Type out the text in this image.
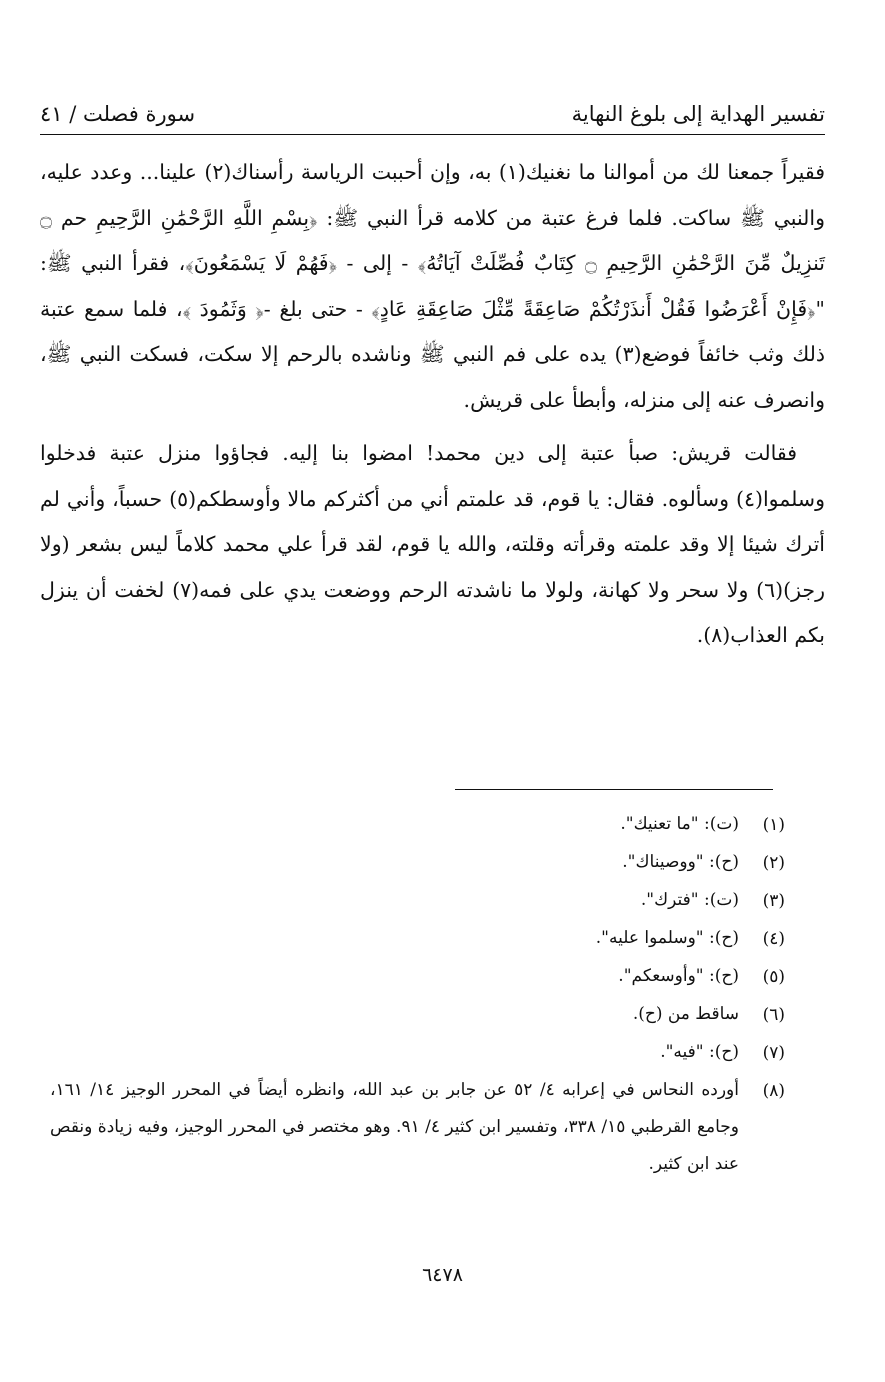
تفسير الهداية إلى بلوغ النهاية
سورة فصلت / ٤١

فقيراً جمعنا لك من أموالنا ما نغنيك(١) به، وإن أحببت الرياسة رأسناك(٢) علينا... وعدد عليه، والنبي ﷺ ساكت. فلما فرغ عتبة من كلامه قرأ النبي ﷺ: ﴿بِسْمِ اللَّهِ الرَّحْمَٰنِ الرَّحِيمِ حم ۝ تَنزِيلٌ مِّنَ الرَّحْمَٰنِ الرَّحِيمِ ۝ كِتَابٌ فُصِّلَتْ آيَاتُهُ﴾ - إلى - ﴿فَهُمْ لَا يَسْمَعُونَ﴾، فقرأ النبي ﷺ: "﴿فَإِنْ أَعْرَضُوا فَقُلْ أَنذَرْتُكُمْ صَاعِقَةً مِّثْلَ صَاعِقَةِ عَادٍ﴾ - حتى بلغ -﴿ وَثَمُودَ ﴾، فلما سمع عتبة ذلك وثب خائفاً فوضع(٣) يده على فم النبي ﷺ وناشده بالرحم إلا سكت، فسكت النبي ﷺ، وانصرف عنه إلى منزله، وأبطأ على قريش.

فقالت قريش: صبأ عتبة إلى دين محمد! امضوا بنا إليه. فجاؤوا منزل عتبة فدخلوا وسلموا(٤) وسألوه. فقال: يا قوم، قد علمتم أني من أكثركم مالا وأوسطكم(٥) حسباً، وأني لم أترك شيئا إلا وقد علمته وقرأته وقلته، والله يا قوم، لقد قرأ علي محمد كلاماً ليس بشعر (ولا رجز)(٦) ولا سحر ولا كهانة، ولولا ما ناشدته الرحم ووضعت يدي على فمه(٧) لخفت أن ينزل بكم العذاب(٨).

(١)
(ت): "ما تعنيك".
(٢)
(ح): "ووصيناك".
(٣)
(ت): "فترك".
(٤)
(ح): "وسلموا عليه".
(٥)
(ح): "وأوسعكم".
(٦)
ساقط من (ح).
(٧)
(ح): "فيه".
(٨)
أورده النحاس في إعرابه ٤/ ٥٢ عن جابر بن عبد الله، وانظره أيضاً في المحرر الوجيز ١٤/ ١٦١، وجامع القرطبي ١٥/ ٣٣٨، وتفسير ابن كثير ٤/ ٩١. وهو مختصر في المحرر الوجيز، وفيه زيادة ونقص عند ابن كثير.
٦٤٧٨
